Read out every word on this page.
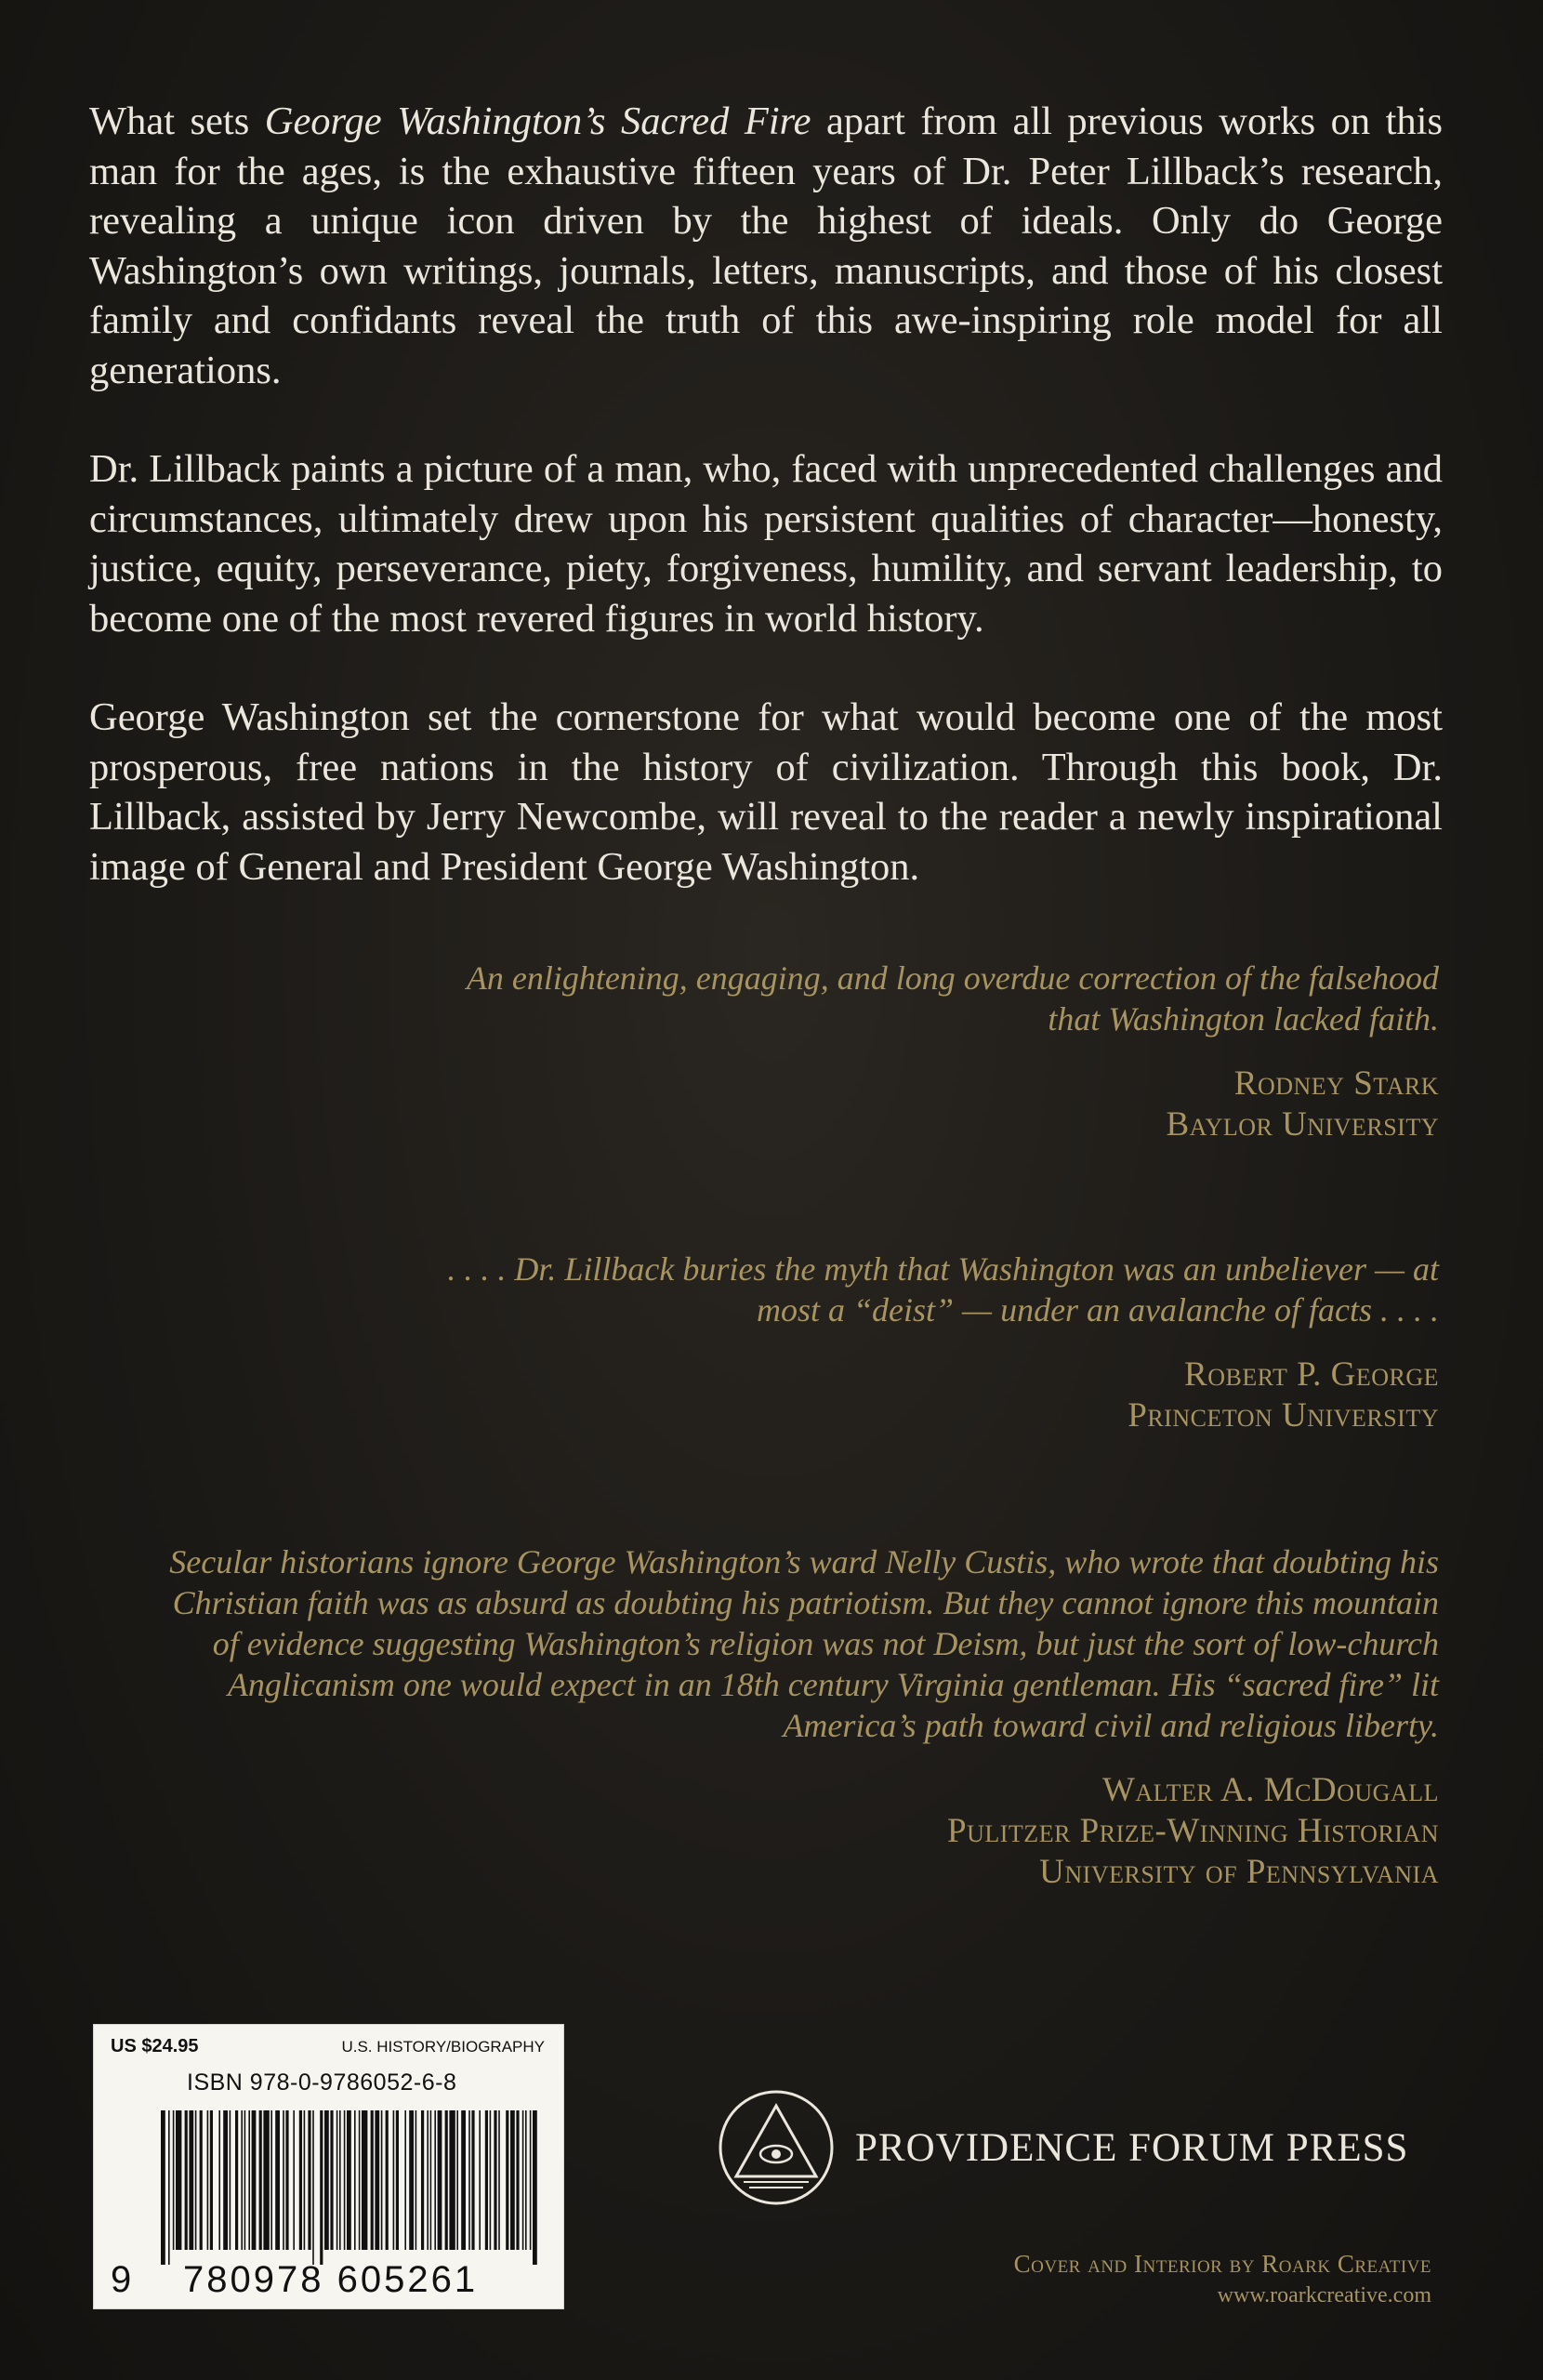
What sets George Washington’s Sacred Fire apart from all previous works on this man for the ages, is the exhaustive fifteen years of Dr. Peter Lillback’s research, revealing a unique icon driven by the highest of ideals. Only do George Washington’s own writings, journals, letters, manuscripts, and those of his closest family and confidants reveal the truth of this awe-inspiring role model for all generations.

Dr. Lillback paints a picture of a man, who, faced with unprecedented challenges and circumstances, ultimately drew upon his persistent qualities of character—honesty, justice, equity, perseverance, piety, forgiveness, humility, and servant leadership, to become one of the most revered figures in world history.

George Washington set the cornerstone for what would become one of the most prosperous, free nations in the history of civilization. Through this book, Dr. Lillback, assisted by Jerry Newcombe, will reveal to the reader a newly inspirational image of General and President George Washington.

An enlightening, engaging, and long overdue correction of the falsehood that Washington lacked faith.

Rodney Stark
Baylor University

. . . . Dr. Lillback buries the myth that Washington was an unbeliever — at most a “deist” — under an avalanche of facts . . . .

Robert P. George
Princeton University

Secular historians ignore George Washington’s ward Nelly Custis, who wrote that doubting his Christian faith was as absurd as doubting his patriotism. But they cannot ignore this mountain of evidence suggesting Washington’s religion was not Deism, but just the sort of low-church Anglicanism one would expect in an 18th century Virginia gentleman. His “sacred fire” lit America’s path toward civil and religious liberty.

Walter A. McDougall
Pulitzer Prize-Winning Historian
University of Pennsylvania
US $24.95	U.S. HISTORY/BIOGRAPHY
ISBN 978-0-9786052-6-8
9 780978 605261
PROVIDENCE FORUM PRESS
Cover and Interior by Roark Creative
www.roarkcreative.com
